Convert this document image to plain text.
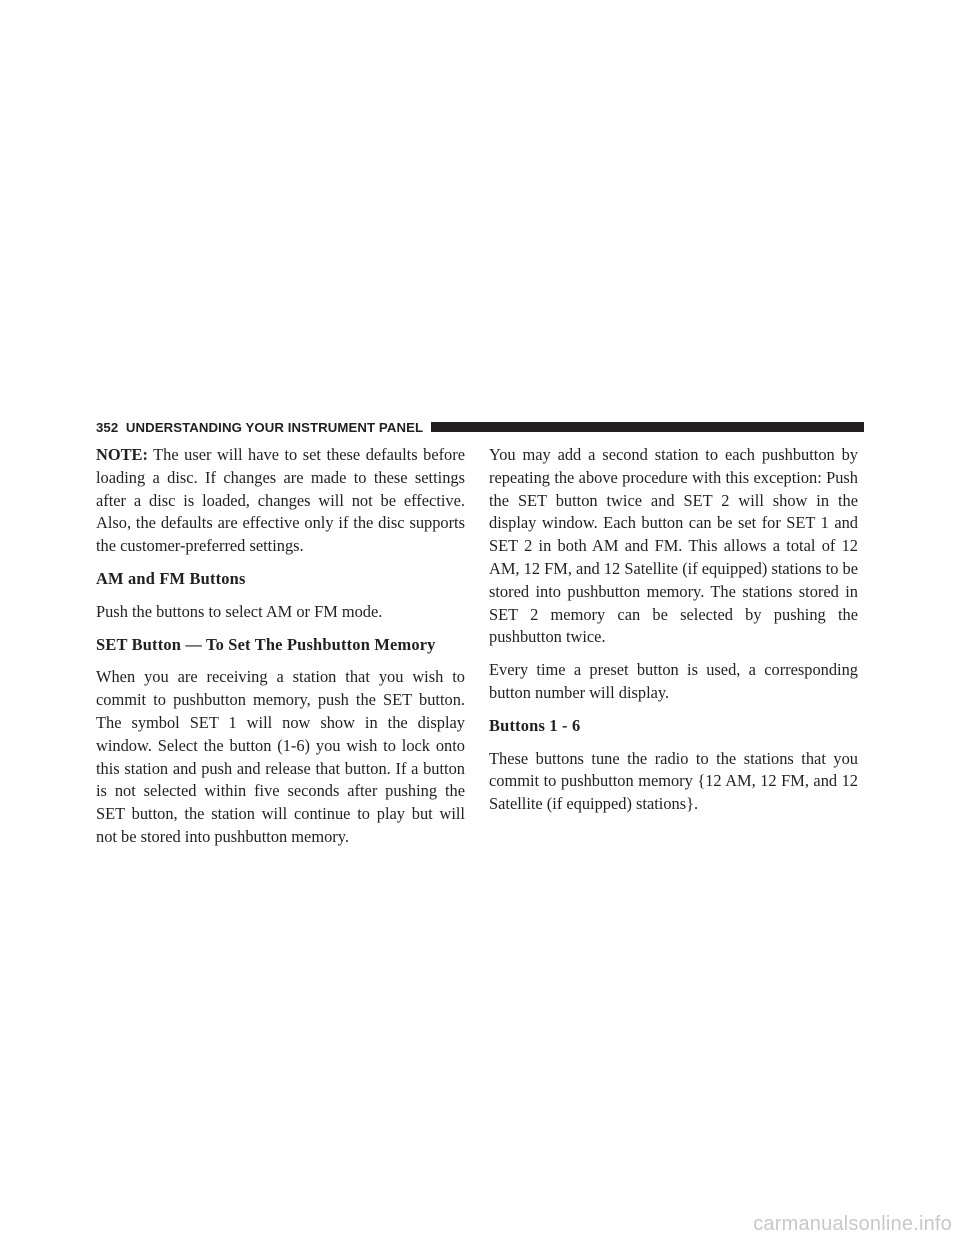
352 UNDERSTANDING YOUR INSTRUMENT PANEL

NOTE: The user will have to set these defaults before loading a disc. If changes are made to these settings after a disc is loaded, changes will not be effective. Also, the defaults are effective only if the disc supports the customer-preferred settings.

AM and FM Buttons

Push the buttons to select AM or FM mode.

SET Button — To Set The Pushbutton Memory

When you are receiving a station that you wish to commit to pushbutton memory, push the SET button. The symbol SET 1 will now show in the display window. Select the button (1-6) you wish to lock onto this station and push and release that button. If a button is not selected within five seconds after pushing the SET button, the station will continue to play but will not be stored into pushbutton memory.

You may add a second station to each pushbutton by repeating the above procedure with this exception: Push the SET button twice and SET 2 will show in the display window. Each button can be set for SET 1 and SET 2 in both AM and FM. This allows a total of 12 AM, 12 FM, and 12 Satellite (if equipped) stations to be stored into pushbutton memory. The stations stored in SET 2 memory can be selected by pushing the pushbutton twice.

Every time a preset button is used, a corresponding button number will display.

Buttons 1 - 6

These buttons tune the radio to the stations that you commit to pushbutton memory {12 AM, 12 FM, and 12 Satellite (if equipped) stations}.

carmanualsonline.info
